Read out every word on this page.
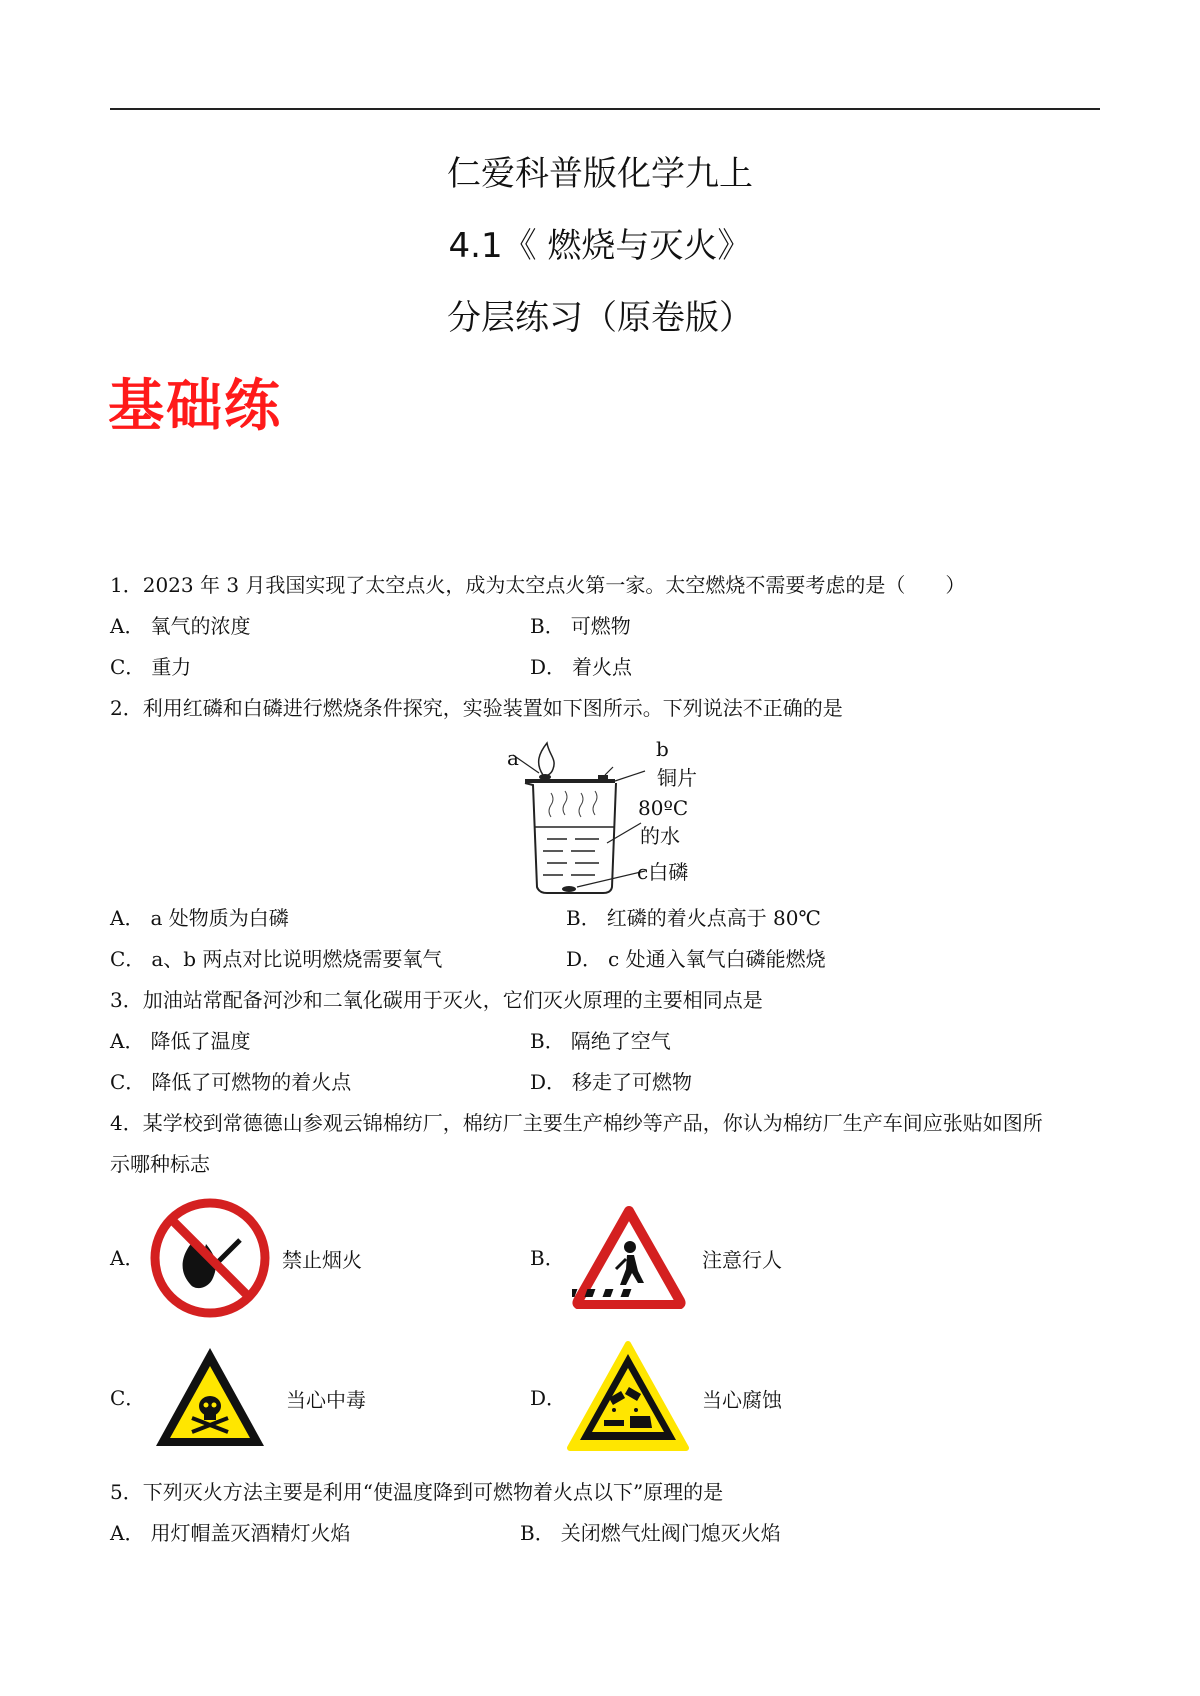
仁爱科普版化学九上
4.1《 燃烧与灭火》
分层练习（原卷版）
基础练
1．2023 年 3 月我国实现了太空点火，成为太空点火第一家。太空燃烧不需要考虑的是（　　）
A． 氧气的浓度	B． 可燃物
C． 重力	D． 着火点
2．利用红磷和白磷进行燃烧条件探究，实验装置如下图所示。下列说法不正确的是
a	b
铜片
80ºC
的水
c白磷
A． a 处物质为白磷	B． 红磷的着火点高于 80℃
C． a、b 两点对比说明燃烧需要氧气	D． c 处通入氧气白磷能燃烧
3．加油站常配备河沙和二氧化碳用于灭火，它们灭火原理的主要相同点是
A． 降低了温度	B． 隔绝了空气
C． 降低了可燃物的着火点	D． 移走了可燃物
4．某学校到常德德山参观云锦棉纺厂，棉纺厂主要生产棉纱等产品，你认为棉纺厂生产车间应张贴如图所
示哪种标志
A．	禁止烟火	B．	注意行人
C．	当心中毒	D．	当心腐蚀
5．下列灭火方法主要是利用“使温度降到可燃物着火点以下”原理的是
A． 用灯帽盖灭酒精灯火焰	B． 关闭燃气灶阀门熄灭火焰
